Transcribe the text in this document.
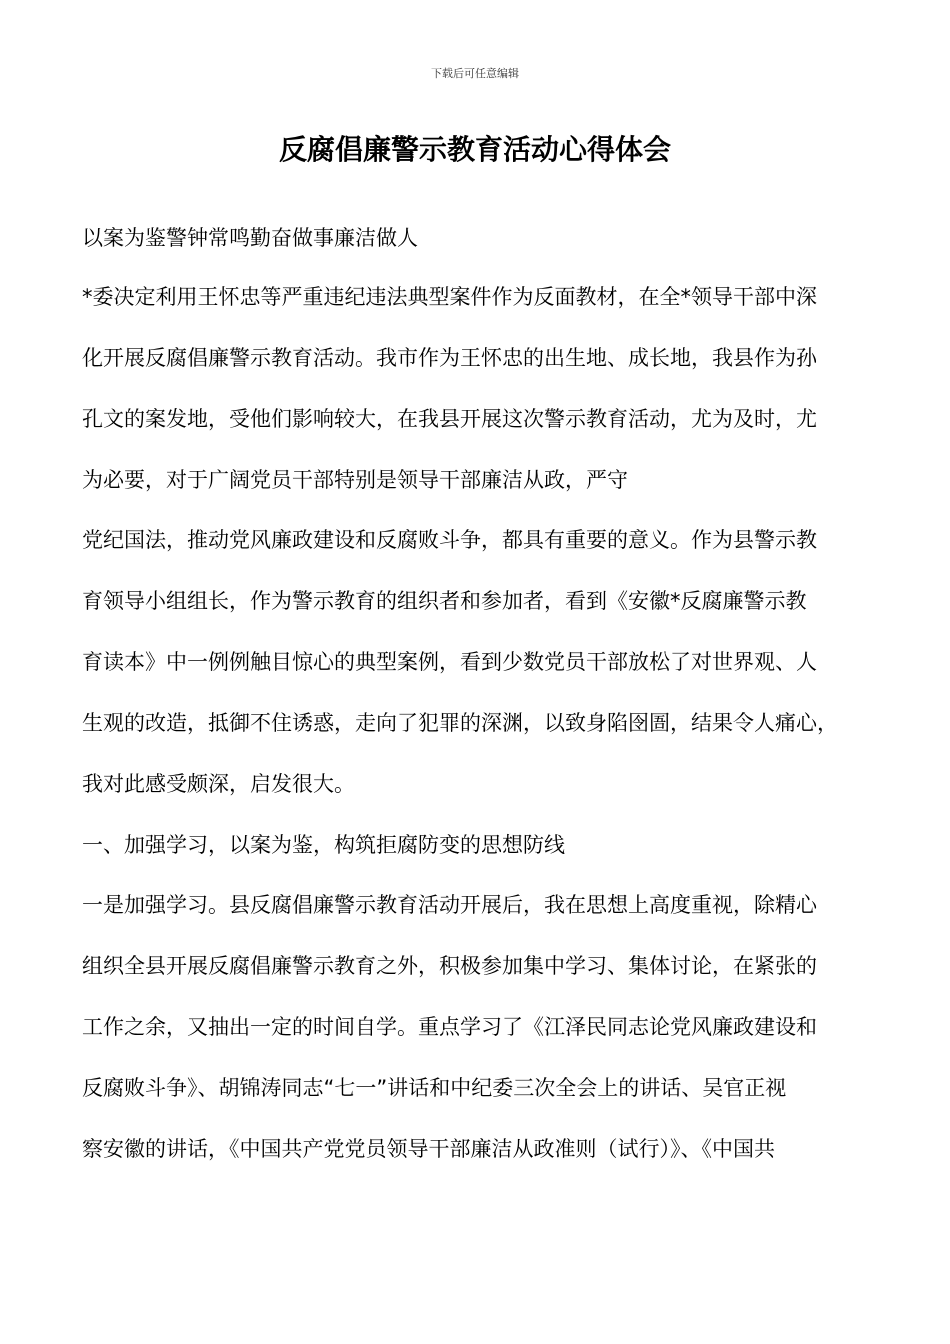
下载后可任意编辑
反腐倡廉警示教育活动心得体会
以案为鉴警钟常鸣勤奋做事廉洁做人
*委决定利用王怀忠等严重违纪违法典型案件作为反面教材，在全*领导干部中深
化开展反腐倡廉警示教育活动。我市作为王怀忠的出生地、成长地，我县作为孙
孔文的案发地，受他们影响较大，在我县开展这次警示教育活动，尤为及时，尤
为必要，对于广阔党员干部特别是领导干部廉洁从政，严守
党纪国法，推动党风廉政建设和反腐败斗争，都具有重要的意义。作为县警示教
育领导小组组长，作为警示教育的组织者和参加者，看到《安徽*反腐廉警示教
育读本》中一例例触目惊心的典型案例，看到少数党员干部放松了对世界观、人
生观的改造，抵御不住诱惑，走向了犯罪的深渊，以致身陷囹圄，结果令人痛心，
我对此感受颇深，启发很大。
一、加强学习，以案为鉴，构筑拒腐防变的思想防线
一是加强学习。县反腐倡廉警示教育活动开展后，我在思想上高度重视，除精心
组织全县开展反腐倡廉警示教育之外，积极参加集中学习、集体讨论，在紧张的
工作之余，又抽出一定的时间自学。重点学习了《江泽民同志论党风廉政建设和
反腐败斗争》、胡锦涛同志“七一”讲话和中纪委三次全会上的讲话、吴官正视
察安徽的讲话，《中国共产党党员领导干部廉洁从政准则（试行）》、《中国共
